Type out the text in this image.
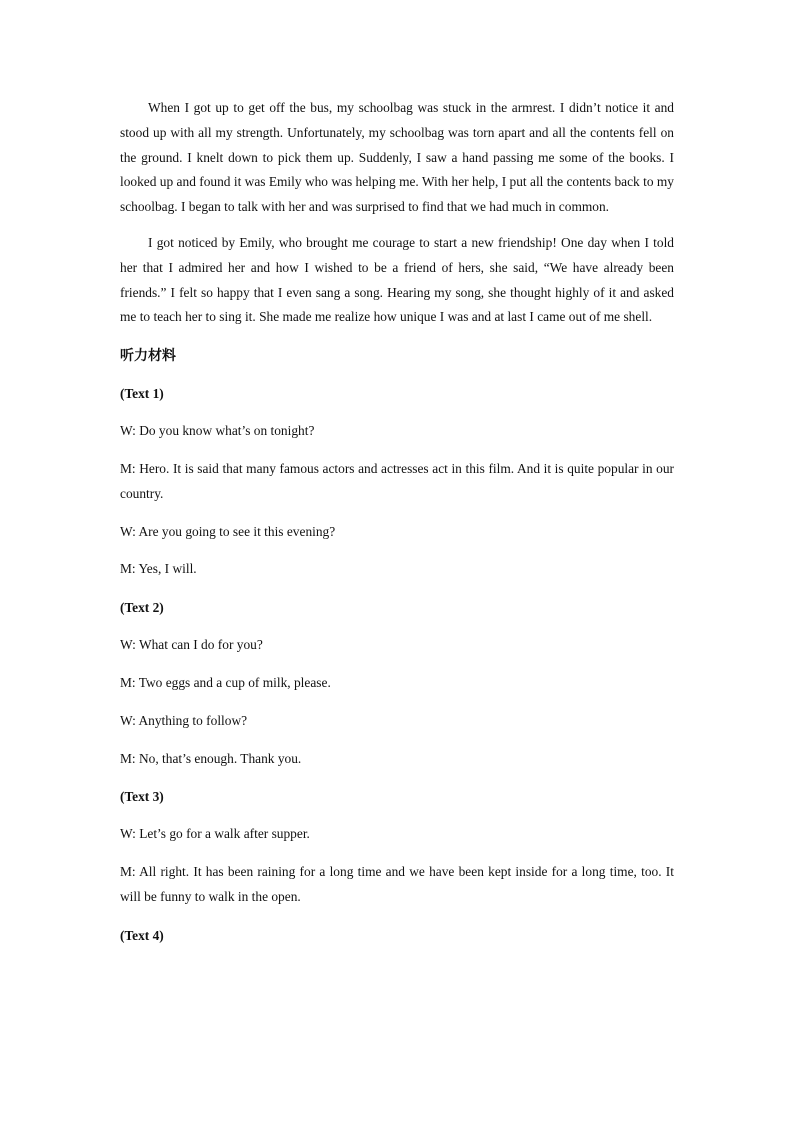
When I got up to get off the bus, my schoolbag was stuck in the armrest. I didn’t notice it and stood up with all my strength. Unfortunately, my schoolbag was torn apart and all the contents fell on the ground. I knelt down to pick them up. Suddenly, I saw a hand passing me some of the books. I looked up and found it was Emily who was helping me. With her help, I put all the contents back to my schoolbag. I began to talk with her and was surprised to find that we had much in common.

I got noticed by Emily, who brought me courage to start a new friendship! One day when I told her that I admired her and how I wished to be a friend of hers, she said, “We have already been friends.” I felt so happy that I even sang a song. Hearing my song, she thought highly of it and asked me to teach her to sing it. She made me realize how unique I was and at last I came out of me shell.

听力材料
(Text 1)

W: Do you know what’s on tonight?

M: Hero. It is said that many famous actors and actresses act in this film. And it is quite popular in our country.

W: Are you going to see it this evening?

M: Yes, I will.

(Text 2)

W: What can I do for you?

M: Two eggs and a cup of milk, please.

W: Anything to follow?

M: No, that’s enough. Thank you.

(Text 3)

W: Let’s go for a walk after supper.

M: All right. It has been raining for a long time and we have been kept inside for a long time, too. It will be funny to walk in the open.

(Text 4)
